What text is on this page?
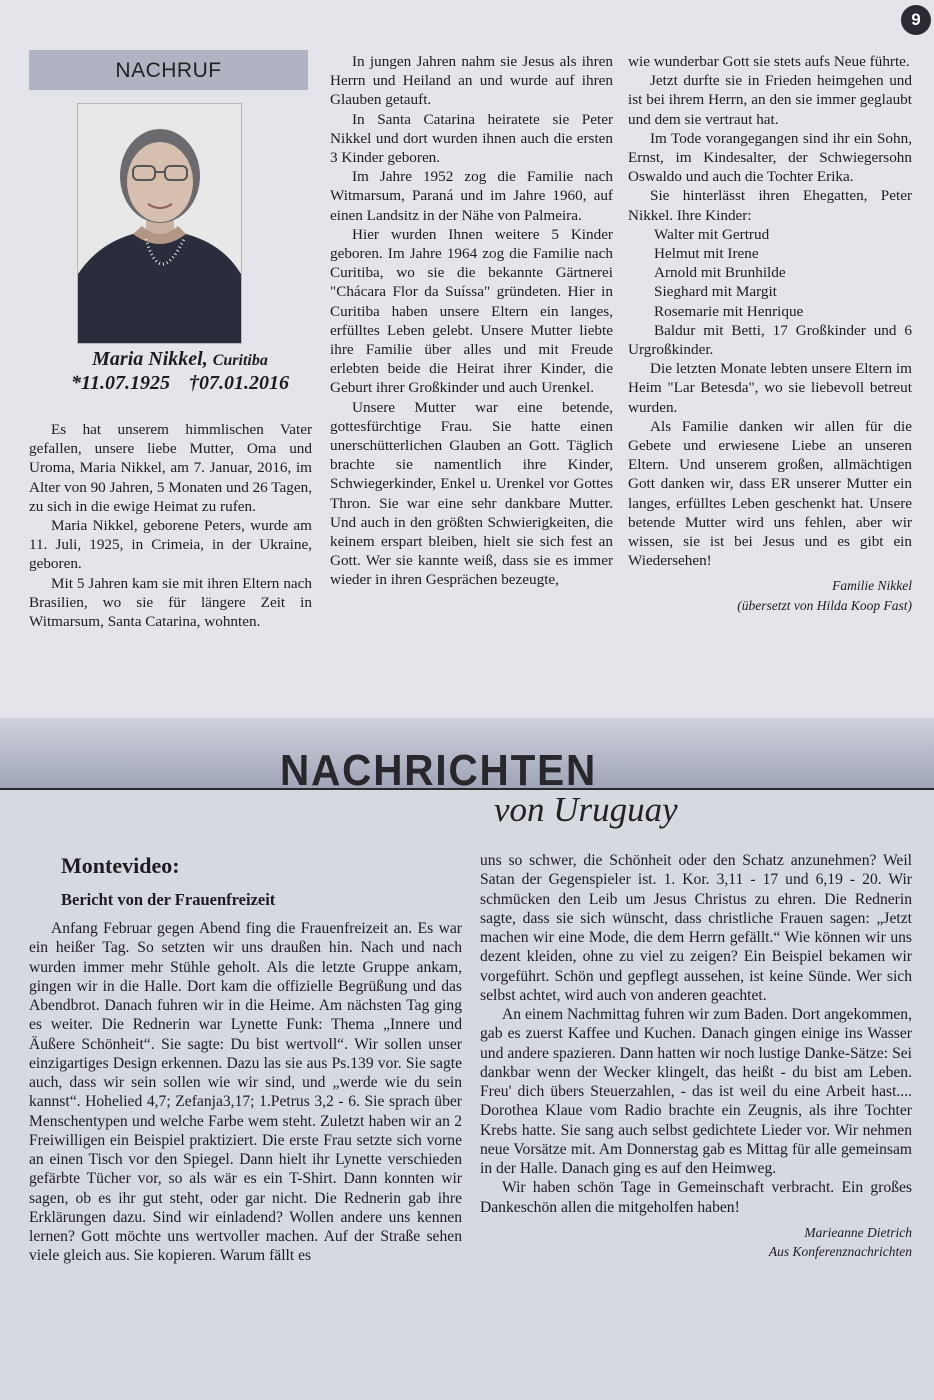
9
NACHRUF
Maria Nikkel, Curitiba
*11.07.1925 †07.01.2016

Es hat unserem himmlischen Vater gefallen, unsere liebe Mutter, Oma und Uroma, Maria Nikkel, am 7. Januar, 2016, im Alter von 90 Jahren, 5 Monaten und 26 Tagen, zu sich in die ewige Heimat zu rufen.

Maria Nikkel, geborene Peters, wurde am 11. Juli, 1925, in Crimeia, in der Ukraine, geboren.

Mit 5 Jahren kam sie mit ihren Eltern nach Brasilien, wo sie für längere Zeit in Witmarsum, Santa Catarina, wohnten.

In jungen Jahren nahm sie Jesus als ihren Herrn und Heiland an und wurde auf ihren Glauben getauft.

In Santa Catarina heiratete sie Peter Nikkel und dort wurden ihnen auch die ersten 3 Kinder geboren.

Im Jahre 1952 zog die Familie nach Witmarsum, Paraná und im Jahre 1960, auf einen Landsitz in der Nähe von Palmeira.

Hier wurden Ihnen weitere 5 Kinder geboren. Im Jahre 1964 zog die Familie nach Curitiba, wo sie die bekannte Gärtnerei "Chácara Flor da Suíssa" gründeten. Hier in Curitiba haben unsere Eltern ein langes, erfülltes Leben gelebt. Unsere Mutter liebte ihre Familie über alles und mit Freude erlebten beide die Heirat ihrer Kinder, die Geburt ihrer Großkinder und auch Urenkel.

Unsere Mutter war eine betende, gottesfürchtige Frau. Sie hatte einen unerschütterlichen Glauben an Gott. Täglich brachte sie namentlich ihre Kinder, Schwiegerkinder, Enkel u. Urenkel vor Gottes Thron. Sie war eine sehr dankbare Mutter. Und auch in den größten Schwierigkeiten, die keinem erspart bleiben, hielt sie sich fest an Gott. Wer sie kannte weiß, dass sie es immer wieder in ihren Gesprächen bezeugte,

wie wunderbar Gott sie stets aufs Neue führte.

Jetzt durfte sie in Frieden heimgehen und ist bei ihrem Herrn, an den sie immer geglaubt und dem sie vertraut hat.

Im Tode vorangegangen sind ihr ein Sohn, Ernst, im Kindesalter, der Schwiegersohn Oswaldo und auch die Tochter Erika.

Sie hinterlässt ihren Ehegatten, Peter Nikkel. Ihre Kinder:

Walter mit Gertrud

Helmut mit Irene

Arnold mit Brunhilde

Sieghard mit Margit

Rosemarie mit Henrique

Baldur mit Betti, 17 Großkinder und 6 Urgroßkinder.

Die letzten Monate lebten unsere Eltern im Heim "Lar Betesda", wo sie liebevoll betreut wurden.

Als Familie danken wir allen für die Gebete und erwiesene Liebe an unseren Eltern. Und unserem großen, allmächtigen Gott danken wir, dass ER unserer Mutter ein langes, erfülltes Leben geschenkt hat. Unsere betende Mutter wird uns fehlen, aber wir wissen, sie ist bei Jesus und es gibt ein Wiedersehen!

Familie Nikkel

(übersetzt von Hilda Koop Fast)

NACHRICHTEN
von Uruguay
Montevideo:
Bericht von der Frauenfreizeit

Anfang Februar gegen Abend fing die Frauenfreizeit an. Es war ein heißer Tag. So setzten wir uns draußen hin. Nach und nach wurden immer mehr Stühle geholt. Als die letzte Gruppe ankam, gingen wir in die Halle. Dort kam die offizielle Begrüßung und das Abendbrot. Danach fuhren wir in die Heime. Am nächsten Tag ging es weiter. Die Rednerin war Lynette Funk: Thema „Innere und Äußere Schönheit“. Sie sagte: Du bist wertvoll“. Wir sollen unser einzigartiges Design erkennen. Dazu las sie aus Ps.139 vor. Sie sagte auch, dass wir sein sollen wie wir sind, und „werde wie du sein kannst“. Hohelied 4,7; Zefanja3,17; 1.Petrus 3,2 - 6. Sie sprach über Menschentypen und welche Farbe wem steht. Zuletzt haben wir an 2 Freiwilligen ein Beispiel praktiziert. Die erste Frau setzte sich vorne an einen Tisch vor den Spiegel. Dann hielt ihr Lynette verschieden gefärbte Tücher vor, so als wär es ein T-Shirt. Dann konnten wir sagen, ob es ihr gut steht, oder gar nicht. Die Rednerin gab ihre Erklärungen dazu. Sind wir einladend? Wollen andere uns kennen lernen? Gott möchte uns wertvoller machen. Auf der Straße sehen viele gleich aus. Sie kopieren. Warum fällt es

uns so schwer, die Schönheit oder den Schatz anzunehmen? Weil Satan der Gegenspieler ist. 1. Kor. 3,11 - 17 und 6,19 - 20. Wir schmücken den Leib um Jesus Christus zu ehren. Die Rednerin sagte, dass sie sich wünscht, dass christliche Frauen sagen: „Jetzt machen wir eine Mode, die dem Herrn gefällt.“ Wie können wir uns dezent kleiden, ohne zu viel zu zeigen? Ein Beispiel bekamen wir vorgeführt. Schön und gepflegt aussehen, ist keine Sünde. Wer sich selbst achtet, wird auch von anderen geachtet.

An einem Nachmittag fuhren wir zum Baden. Dort angekommen, gab es zuerst Kaffee und Kuchen. Danach gingen einige ins Wasser und andere spazieren. Dann hatten wir noch lustige Danke-Sätze: Sei dankbar wenn der Wecker klingelt, das heißt - du bist am Leben. Freu' dich übers Steuerzahlen, - das ist weil du eine Arbeit hast.... Dorothea Klaue vom Radio brachte ein Zeugnis, als ihre Tochter Krebs hatte. Sie sang auch selbst gedichtete Lieder vor. Wir nehmen neue Vorsätze mit. Am Donnerstag gab es Mittag für alle gemeinsam in der Halle. Danach ging es auf den Heimweg.

Wir haben schön Tage in Gemeinschaft verbracht. Ein großes Dankeschön allen die mitgeholfen haben!

Marieanne Dietrich

Aus Konferenznachrichten
